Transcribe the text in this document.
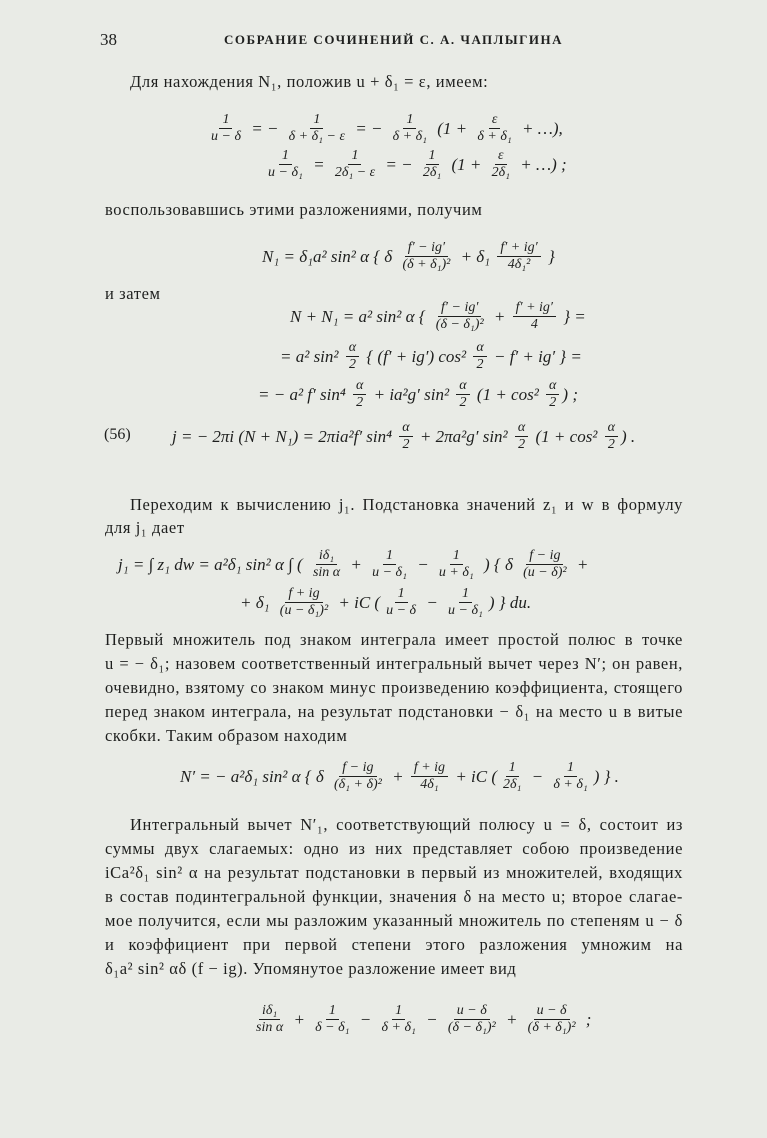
38	СОБРАНИЕ СОЧИНЕНИЙ С. А. ЧАПЛЫГИНА
Для нахождения N₁, положив u + δ₁ = ε, имеем:
$\frac{1}{u - \delta}$ = − $\frac{1}{\text{δ + δ₁ − ε}}$ = − $\frac{1}{\text{δ + δ₁}} (1 + \frac{\varepsilon}{\text{δ + δ₁}}$ + …),
$\frac{1}{\text{u − δ₁}} = \frac{1}{\text{2δ₁ − ε}}$ = − $\frac{1}{\text{2δ₁}} (1 + \frac{\varepsilon}{\text{2δ₁}}$ + …) ;
воспользовавшись этими разложениями, получим
N₁ = δ₁a² sin² α { δ $\frac{f' - ig'}{\text{(δ + δ₁)²}} + \delta_1 \frac{f' + ig'}{\text{4δ₁²}}$ }
и затем
N + N₁ = a² sin² α { $\frac{f' - ig'}{\text{(δ − δ₁)²}} + \frac{f' + ig'}{4}$ } =
= a² $\sin^2 \frac{\alpha}{2}$ { (f′ + ig′) $\cos^2 \frac{\alpha}{2} - f' + ig'$ } =
= − a² f′ $\sin^4 \frac{\alpha}{2} + ia^2g'$ $\sin^2 \frac{\alpha}{2} (1 + \cos^2 \frac{\alpha}{2}$ ) ;
(56) j = − 2πi (N + N₁) = 2πia²f′ $\sin^4 \frac{\alpha}{2} + 2\pi a^2g'$ $\sin^2 \frac{\alpha}{2} (1 + \cos^2 \frac{\alpha}{2}$ ) .
Переходим к вычислению j₁. Подстановка значений z₁ и w в формулу
для j₁ дает
j₁ = ∫ z₁ dw = a²δ₁ sin² α ∫ ( $\frac{\text{iδ₁}}{\text{sin α}} + \frac{1}{\text{u − δ₁}} - \frac{1}{\text{u + δ₁}}$ ) { δ $\frac{f - ig}{\text{(u − δ)²}}$ +
+ $\delta_1 \frac{f + ig}{\text{(u − δ₁)²}}$ + iC ( $\frac{1}{u - \delta} - \frac{1}{\text{u − δ₁}}$ ) } du.
Первый множитель под знаком интеграла имеет простой полюс в точке
u = − δ₁; назовем соответственный интегральный вычет через N′; он равен,
очевидно, взятому со знаком минус произведению коэффициента, стоящего
перед знаком интеграла, на результат подстановки − δ₁ на место u в витые
скобки. Таким образом находим
N′ = − a²δ₁ sin² α { δ $\frac{f - ig}{\text{(δ₁ + δ)²}} + \frac{f + ig}{\text{4δ₁}}$ + iC ( $\frac{1}{\text{2δ₁}} - \frac{1}{\text{δ + δ₁}}$ ) } .
Интегральный вычет N′₁, соответствующий полюсу u = δ, состоит из
суммы двух слагаемых: одно из них представляет собою произведение
iCa²δ₁ sin² α на результат подстановки в первый из множителей, входящих
в состав подинтегральной функции, значения δ на место u; второе слагае-
мое получится, если мы разложим указанный множитель по степеням u − δ
и коэффициент при первой степени этого разложения умножим на
δ₁a² sin² αδ (f − ig). Упомянутое разложение имеет вид
$\frac{\text{iδ₁}}{\text{sin α}} + \frac{1}{\text{δ − δ₁}} - \frac{1}{\text{δ + δ₁}} - \frac{u - \delta}{\text{(δ − δ₁)²}} + \frac{u - \delta}{\text{(δ + δ₁)²}}$ ;
